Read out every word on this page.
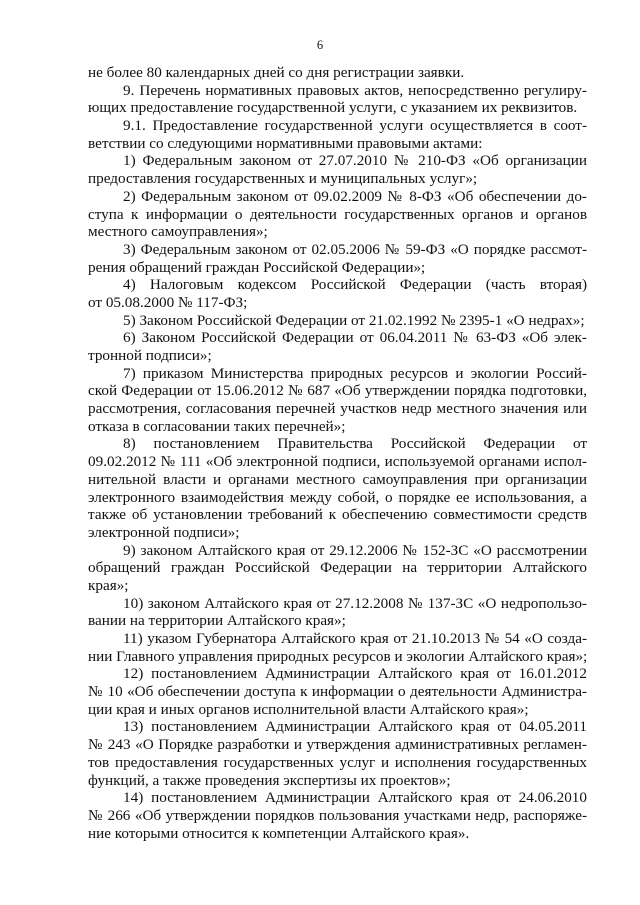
6
не более 80 календарных дней со дня регистрации заявки.
9. Перечень нормативных правовых актов, непосредственно регулиру-
ющих предоставление государственной услуги, с указанием их реквизитов.
9.1. Предоставление государственной услуги осуществляется в соот-
ветствии со следующими нормативными правовыми актами:
1) Федеральным законом от 27.07.2010 № 210-ФЗ «Об организации
предоставления государственных и муниципальных услуг»;
2) Федеральным законом от 09.02.2009 № 8-ФЗ «Об обеспечении до-
ступа к информации о деятельности государственных органов и органов
местного самоуправления»;
3) Федеральным законом от 02.05.2006 № 59-ФЗ «О порядке рассмот-
рения обращений граждан Российской Федерации»;
4) Налоговым кодексом Российской Федерации (часть вторая)
от 05.08.2000 № 117-ФЗ;
5) Законом Российской Федерации от 21.02.1992 № 2395-1 «О недрах»;
6) Законом Российской Федерации от 06.04.2011 № 63-ФЗ «Об элек-
тронной подписи»;
7) приказом Министерства природных ресурсов и экологии Россий-
ской Федерации от 15.06.2012 № 687 «Об утверждении порядка подготовки,
рассмотрения, согласования перечней участков недр местного значения или
отказа в согласовании таких перечней»;
8) постановлением Правительства Российской Федерации от
09.02.2012 № 111 «Об электронной подписи, используемой органами испол-
нительной власти и органами местного самоуправления при организации
электронного взаимодействия между собой, о порядке ее использования, а
также об установлении требований к обеспечению совместимости средств
электронной подписи»;
9) законом Алтайского края от 29.12.2006 № 152-ЗС «О рассмотрении
обращений граждан Российской Федерации на территории Алтайского
края»;
10) законом Алтайского края от 27.12.2008 № 137-ЗС «О недропользо-
вании на территории Алтайского края»;
11) указом Губернатора Алтайского края от 21.10.2013 № 54 «О созда-
нии Главного управления природных ресурсов и экологии Алтайского края»;
12) постановлением Администрации Алтайского края от 16.01.2012
№ 10 «Об обеспечении доступа к информации о деятельности Администра-
ции края и иных органов исполнительной власти Алтайского края»;
13) постановлением Администрации Алтайского края от 04.05.2011
№ 243 «О Порядке разработки и утверждения административных регламен-
тов предоставления государственных услуг и исполнения государственных
функций, а также проведения экспертизы их проектов»;
14) постановлением Администрации Алтайского края от 24.06.2010
№ 266 «Об утверждении порядков пользования участками недр, распоряже-
ние которыми относится к компетенции Алтайского края».
